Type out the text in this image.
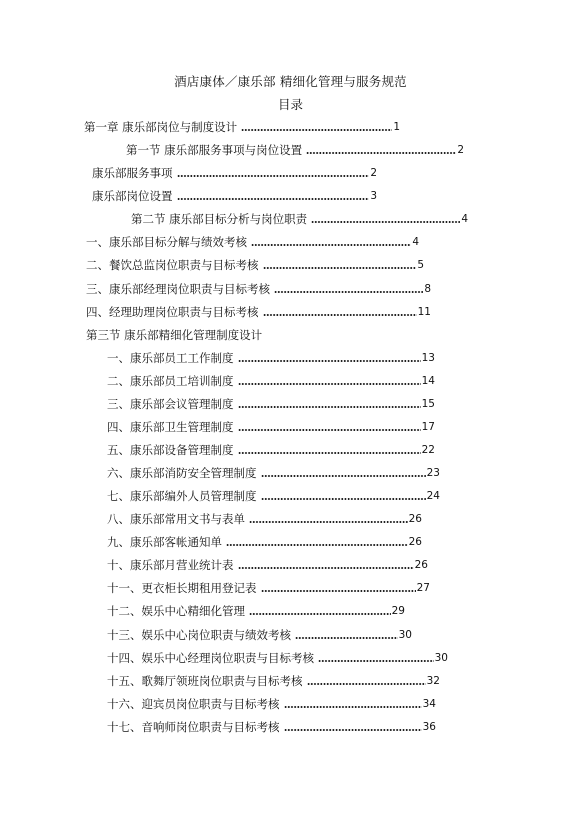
酒店康体／康乐部 精细化管理与服务规范
目录
第一章 康乐部岗位与制度设计	1
第一节 康乐部服务事项与岗位设置	2
康乐部服务事项	2
康乐部岗位设置	3
第二节 康乐部目标分析与岗位职责	4
一、康乐部目标分解与绩效考核	4
二、餐饮总监岗位职责与目标考核	5
三、康乐部经理岗位职责与目标考核	8
四、经理助理岗位职责与目标考核	11
第三节 康乐部精细化管理制度设计
一、康乐部员工工作制度	13
二、康乐部员工培训制度	14
三、康乐部会议管理制度	15
四、康乐部卫生管理制度	17
五、康乐部设备管理制度	22
六、康乐部消防安全管理制度	23
七、康乐部编外人员管理制度	24
八、康乐部常用文书与表单	26
九、康乐部客帐通知单	26
十、康乐部月营业统计表	26
十一、更衣柜长期租用登记表	27
十二、娱乐中心精细化管理	29
十三、娱乐中心岗位职责与绩效考核	30
十四、娱乐中心经理岗位职责与目标考核	30
十五、歌舞厅领班岗位职责与目标考核	32
十六、迎宾员岗位职责与目标考核	34
十七、音响师岗位职责与目标考核	36
